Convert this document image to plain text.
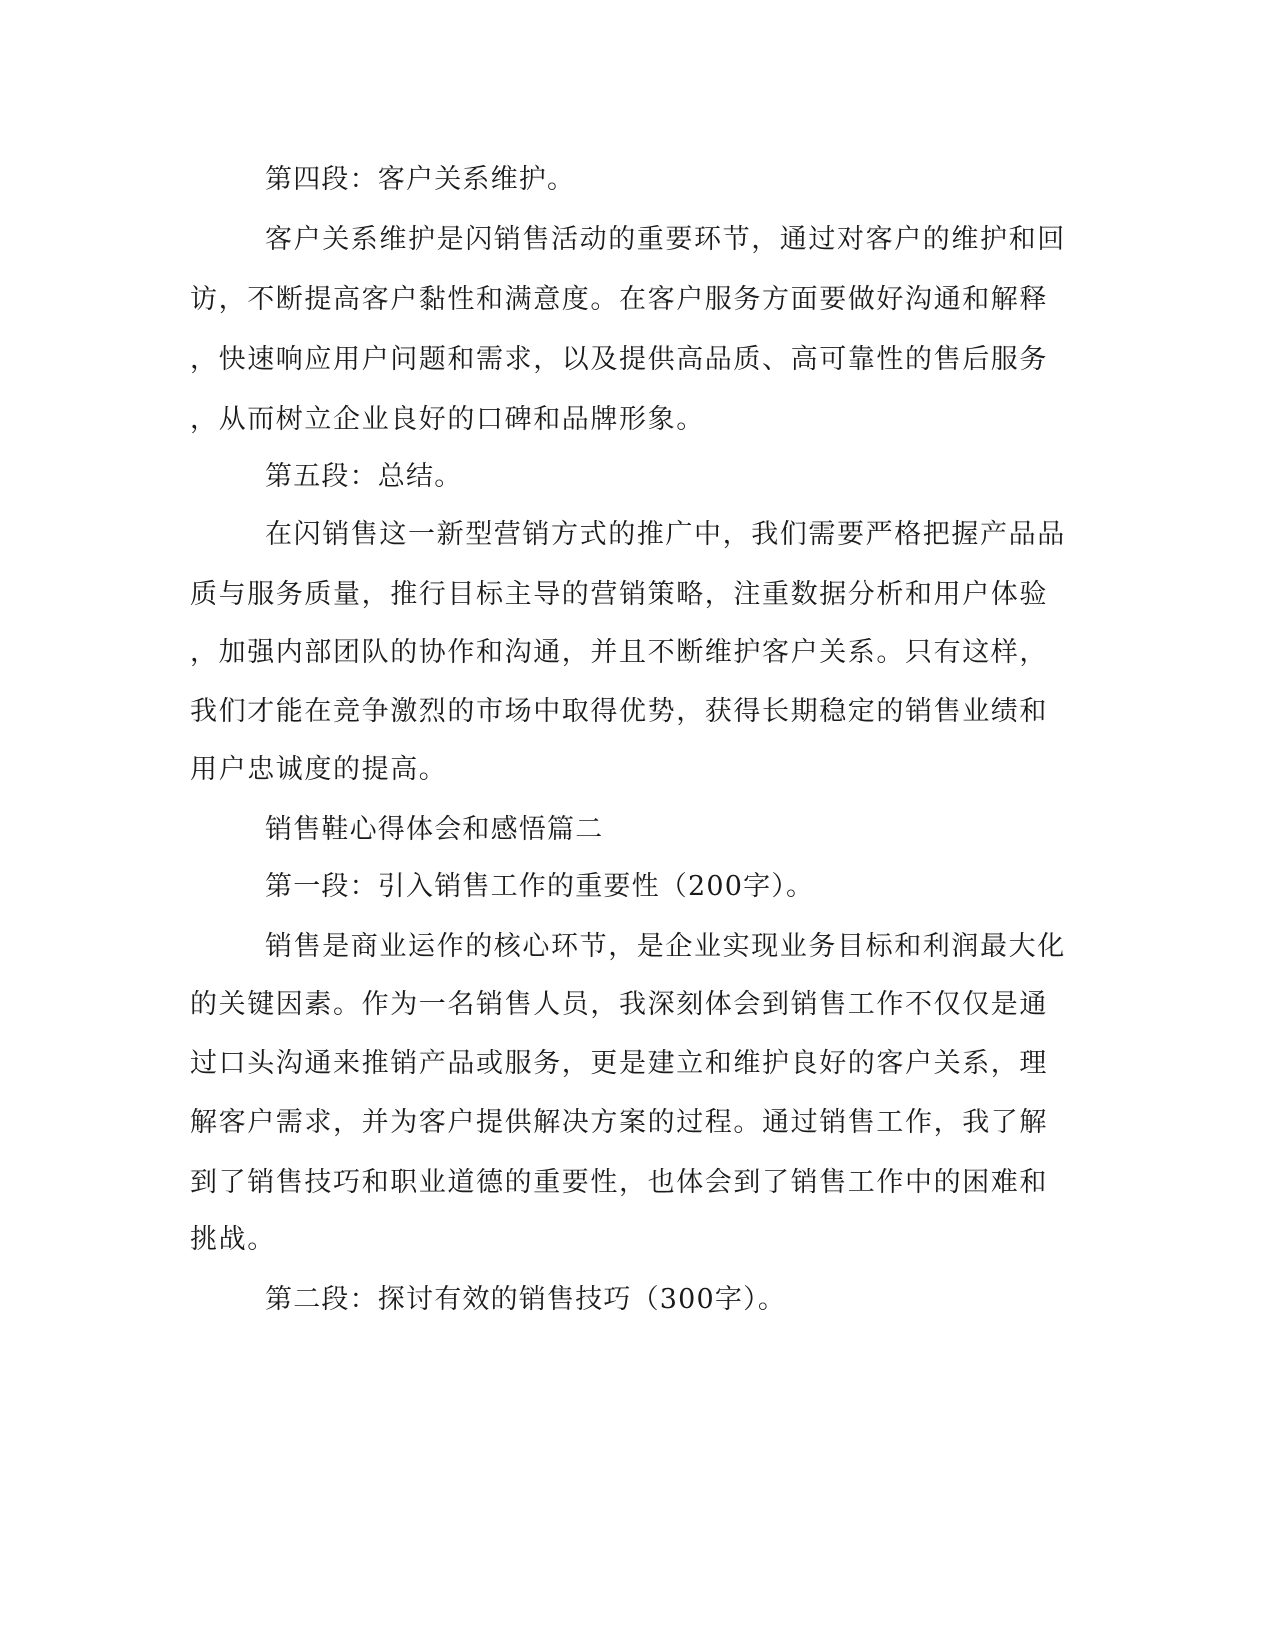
第四段：客户关系维护。

客户关系维护是闪销售活动的重要环节，通过对客户的维护和回

访，不断提高客户黏性和满意度。在客户服务方面要做好沟通和解释

，快速响应用户问题和需求，以及提供高品质、高可靠性的售后服务

，从而树立企业良好的口碑和品牌形象。

第五段：总结。

在闪销售这一新型营销方式的推广中，我们需要严格把握产品品

质与服务质量，推行目标主导的营销策略，注重数据分析和用户体验

，加强内部团队的协作和沟通，并且不断维护客户关系。只有这样，

我们才能在竞争激烈的市场中取得优势，获得长期稳定的销售业绩和

用户忠诚度的提高。

销售鞋心得体会和感悟篇二

第一段：引入销售工作的重要性（200字）。

销售是商业运作的核心环节，是企业实现业务目标和利润最大化

的关键因素。作为一名销售人员，我深刻体会到销售工作不仅仅是通

过口头沟通来推销产品或服务，更是建立和维护良好的客户关系，理

解客户需求，并为客户提供解决方案的过程。通过销售工作，我了解

到了销售技巧和职业道德的重要性，也体会到了销售工作中的困难和

挑战。

第二段：探讨有效的销售技巧（300字）。
